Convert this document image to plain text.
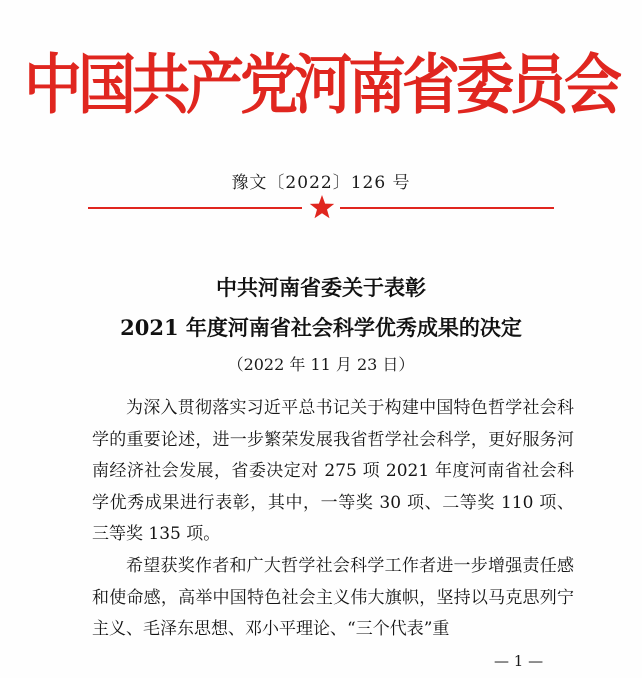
中国共产党河南省委员会
豫文〔2022〕126 号
中共河南省委关于表彰
2021 年度河南省社会科学优秀成果的决定
（2022 年 11 月 23 日）

为深入贯彻落实习近平总书记关于构建中国特色哲学社会科学的重要论述，进一步繁荣发展我省哲学社会科学，更好服务河南经济社会发展，省委决定对 275 项 2021 年度河南省社会科学优秀成果进行表彰，其中，一等奖 30 项、二等奖 110 项、三等奖 135 项。

希望获奖作者和广大哲学社会科学工作者进一步增强责任感和使命感，高举中国特色社会主义伟大旗帜，坚持以马克思列宁主义、毛泽东思想、邓小平理论、“三个代表”重

— 1 —
